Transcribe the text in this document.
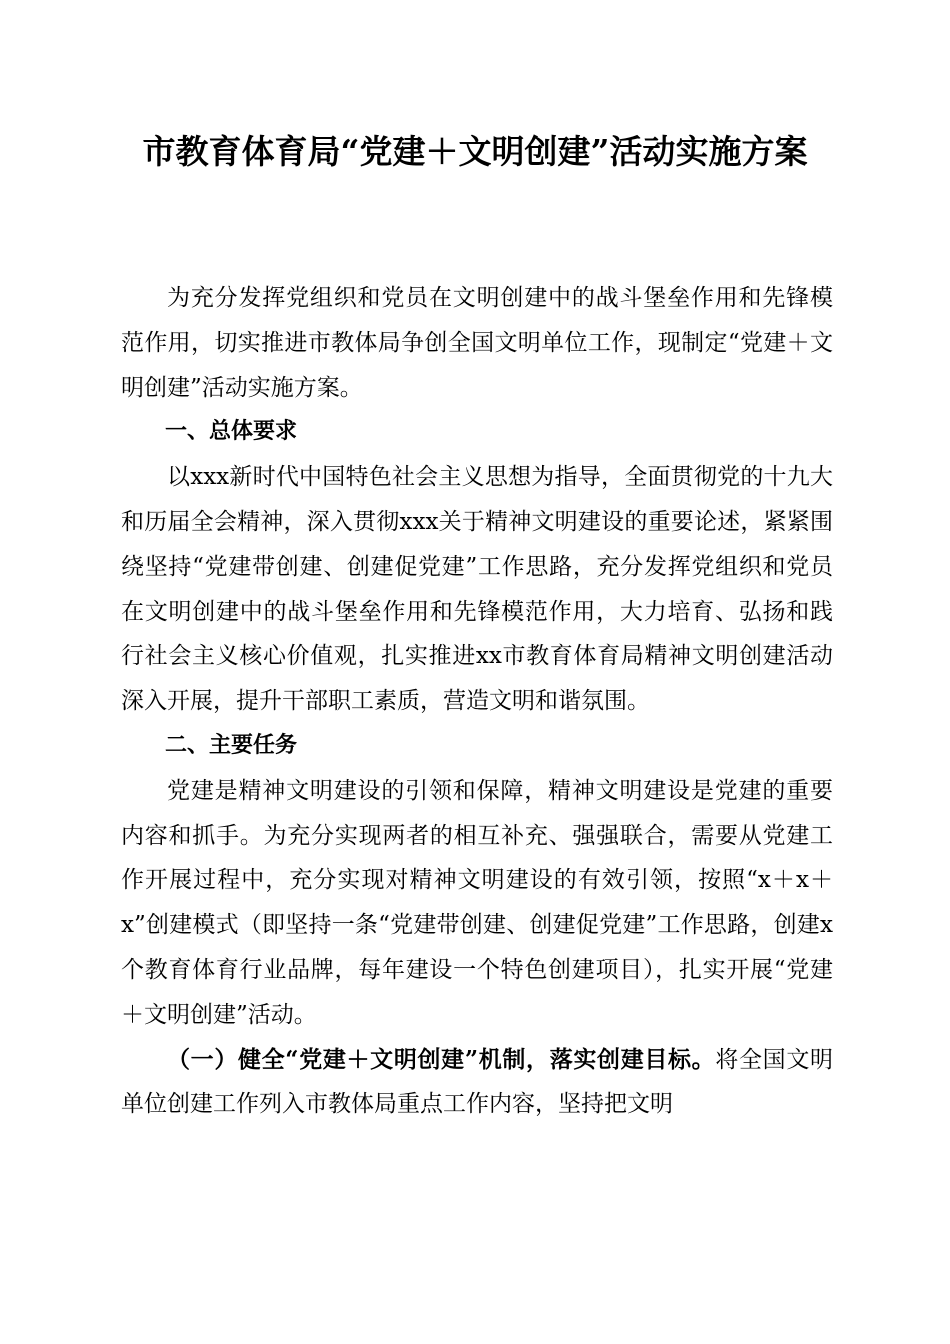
市教育体育局“党建＋文明创建”活动实施方案

为充分发挥党组织和党员在文明创建中的战斗堡垒作用和先锋模范作用，切实推进市教体局争创全国文明单位工作，现制定“党建＋文明创建”活动实施方案。

一、总体要求

以xxx新时代中国特色社会主义思想为指导，全面贯彻党的十九大和历届全会精神，深入贯彻xxx关于精神文明建设的重要论述，紧紧围绕坚持“党建带创建、创建促党建”工作思路，充分发挥党组织和党员在文明创建中的战斗堡垒作用和先锋模范作用，大力培育、弘扬和践行社会主义核心价值观，扎实推进xx市教育体育局精神文明创建活动深入开展，提升干部职工素质，营造文明和谐氛围。

二、主要任务

党建是精神文明建设的引领和保障，精神文明建设是党建的重要内容和抓手。为充分实现两者的相互补充、强强联合，需要从党建工作开展过程中，充分实现对精神文明建设的有效引领，按照“x＋x＋x”创建模式（即坚持一条“党建带创建、创建促党建”工作思路，创建x个教育体育行业品牌，每年建设一个特色创建项目），扎实开展“党建＋文明创建”活动。

（一）健全“党建＋文明创建”机制，落实创建目标。将全国文明单位创建工作列入市教体局重点工作内容，坚持把文明
